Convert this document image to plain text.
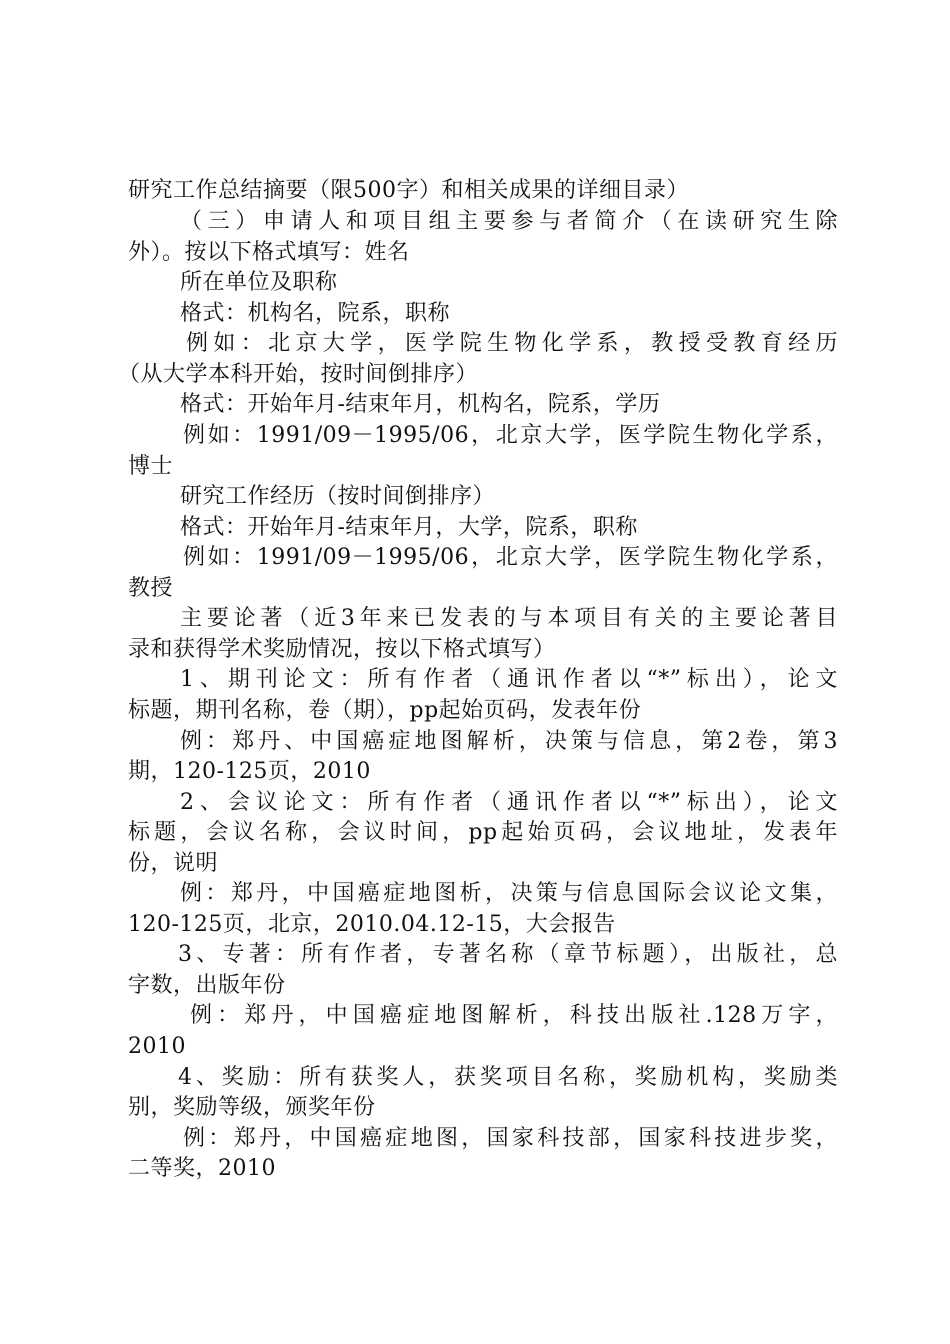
研究工作总结摘要（限500字）和相关成果的详细目录）
（三）申请人和项目组主要参与者简介（在读研究生除
外）。按以下格式填写：姓名
所在单位及职称
格式：机构名，院系，职称
例如：北京大学，医学院生物化学系，教授受教育经历
（从大学本科开始，按时间倒排序）
格式：开始年月-结束年月，机构名，院系，学历
例如：1991/09－1995/06，北京大学，医学院生物化学系，
博士
研究工作经历（按时间倒排序）
格式：开始年月-结束年月，大学，院系，职称
例如：1991/09－1995/06，北京大学，医学院生物化学系，
教授
主要论著（近3年来已发表的与本项目有关的主要论著目
录和获得学术奖励情况，按以下格式填写）
1、期刊论文：所有作者（通讯作者以“*”标出），论文
标题，期刊名称，卷（期），pp起始页码，发表年份
例：郑丹、中国癌症地图解析，决策与信息，第2卷，第3
期，120-125页，2010
2、会议论文：所有作者（通讯作者以“*”标出），论文
标题，会议名称，会议时间，pp起始页码，会议地址，发表年
份，说明
例：郑丹，中国癌症地图析，决策与信息国际会议论文集，
120-125页，北京，2010.04.12-15，大会报告
3、专著：所有作者，专著名称（章节标题），出版社，总
字数，出版年份
例：郑丹，中国癌症地图解析，科技出版社.128万字，
2010
4、奖励：所有获奖人，获奖项目名称，奖励机构，奖励类
别，奖励等级，颁奖年份
例：郑丹，中国癌症地图，国家科技部，国家科技进步奖，
二等奖，2010
